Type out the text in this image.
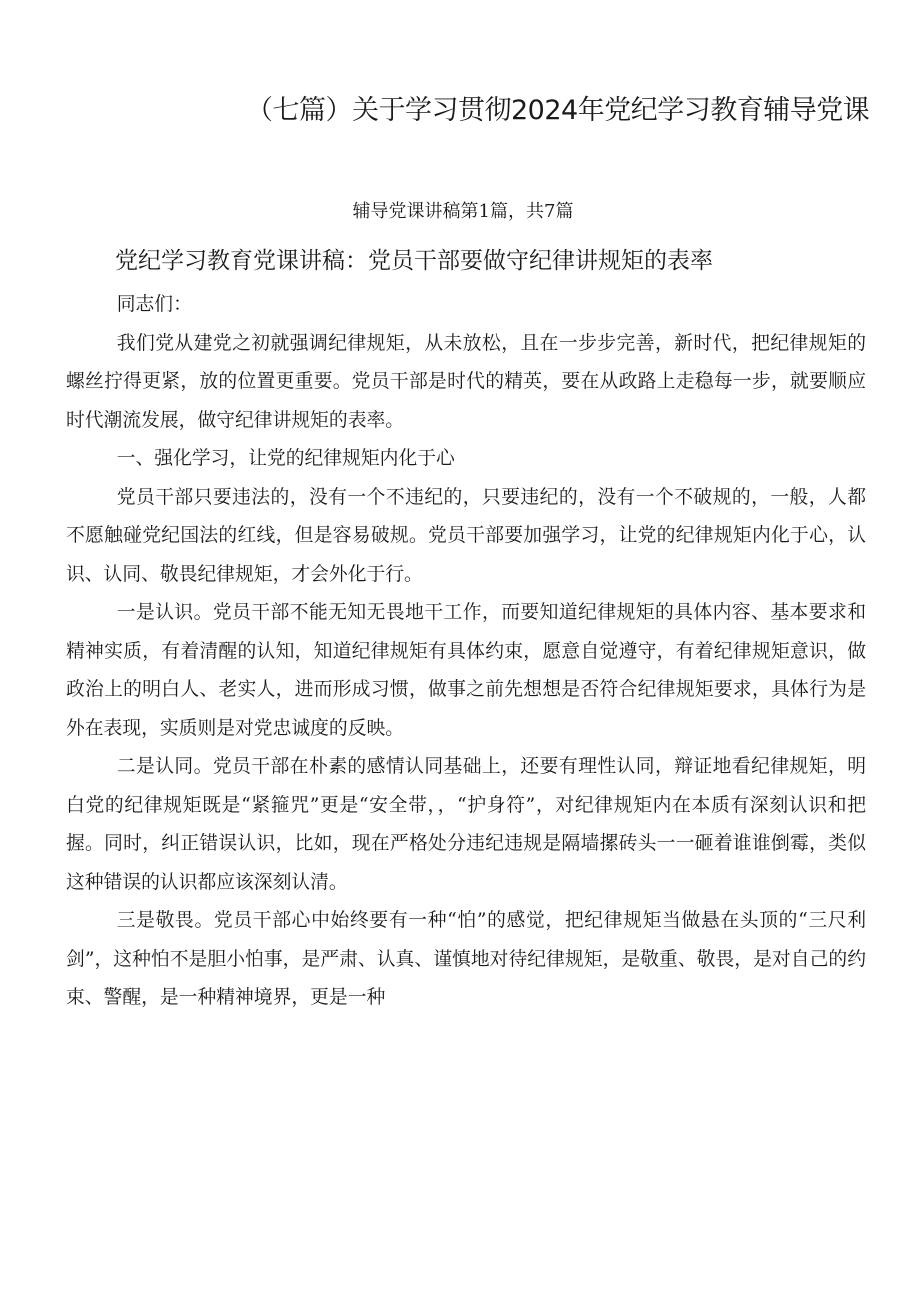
（七篇）关于学习贯彻2024年党纪学习教育辅导党课
辅导党课讲稿第1篇，共7篇
党纪学习教育党课讲稿：党员干部要做守纪律讲规矩的表率

同志们：

我们党从建党之初就强调纪律规矩，从未放松，且在一步步完善，新时代，把纪律规矩的螺丝拧得更紧，放的位置更重要。党员干部是时代的精英，要在从政路上走稳每一步，就要顺应时代潮流发展，做守纪律讲规矩的表率。

一、强化学习，让党的纪律规矩内化于心

党员干部只要违法的，没有一个不违纪的，只要违纪的，没有一个不破规的，一般，人都不愿触碰党纪国法的红线，但是容易破规。党员干部要加强学习，让党的纪律规矩内化于心，认识、认同、敬畏纪律规矩，才会外化于行。

一是认识。党员干部不能无知无畏地干工作，而要知道纪律规矩的具体内容、基本要求和精神实质，有着清醒的认知，知道纪律规矩有具体约束，愿意自觉遵守，有着纪律规矩意识，做政治上的明白人、老实人，进而形成习惯，做事之前先想想是否符合纪律规矩要求，具体行为是外在表现，实质则是对党忠诚度的反映。

二是认同。党员干部在朴素的感情认同基础上，还要有理性认同，辩证地看纪律规矩，明白党的纪律规矩既是“紧箍咒”更是“安全带，，“护身符”，对纪律规矩内在本质有深刻认识和把握。同时，纠正错误认识，比如，现在严格处分违纪违规是隔墙摞砖头一一砸着谁谁倒霉，类似这种错误的认识都应该深刻认清。

三是敬畏。党员干部心中始终要有一种“怕”的感觉，把纪律规矩当做悬在头顶的“三尺利剑”，这种怕不是胆小怕事，是严肃、认真、谨慎地对待纪律规矩，是敬重、敬畏，是对自己的约束、警醒，是一种精神境界，更是一种
